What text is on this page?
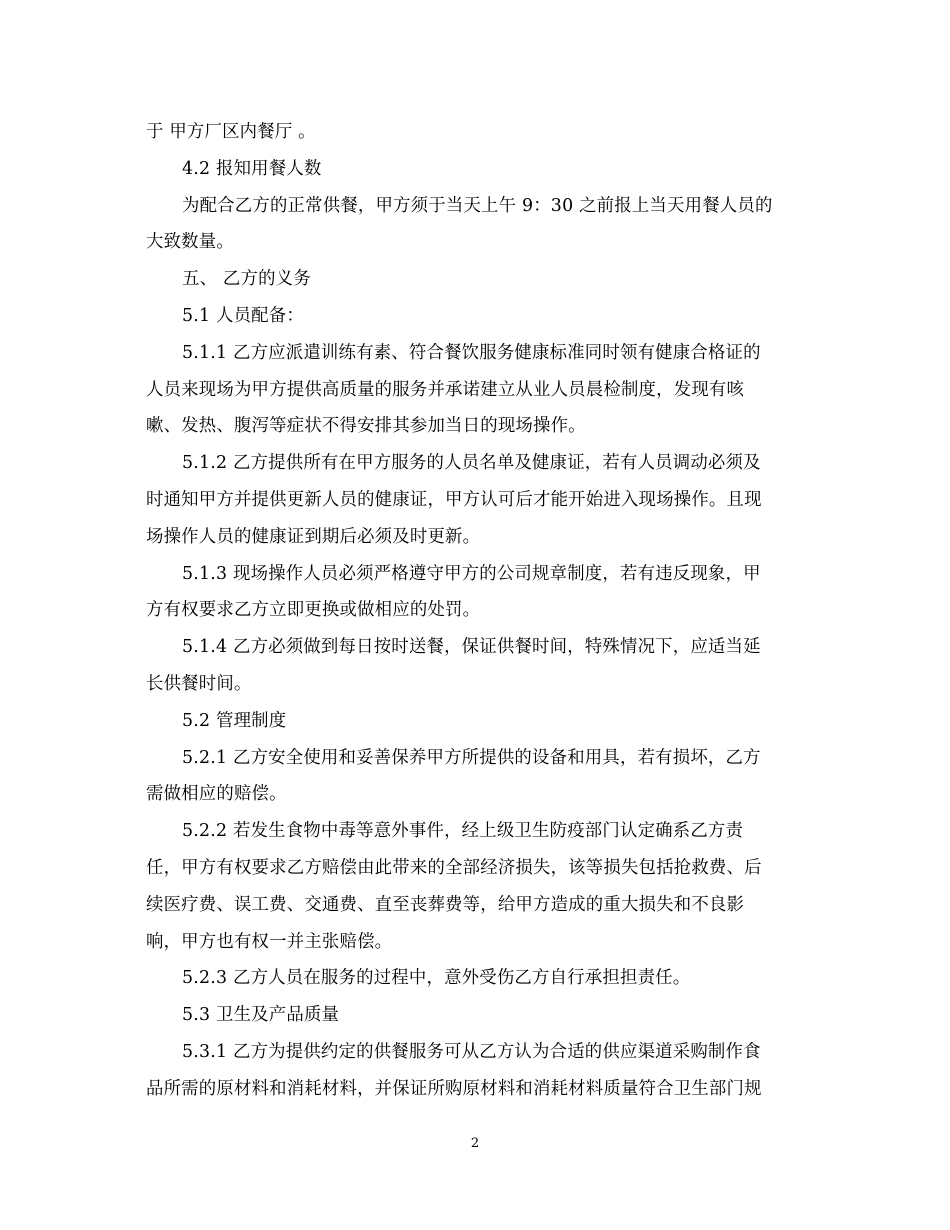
于 甲方厂区内餐厅 。
4.2 报知用餐人数
为配合乙方的正常供餐，甲方须于当天上午 9：30 之前报上当天用餐人员的
大致数量。
五、 乙方的义务
5.1 人员配备：
5.1.1 乙方应派遣训练有素、符合餐饮服务健康标准同时领有健康合格证的
人员来现场为甲方提供高质量的服务并承诺建立从业人员晨检制度，发现有咳
嗽、发热、腹泻等症状不得安排其参加当日的现场操作。
5.1.2 乙方提供所有在甲方服务的人员名单及健康证，若有人员调动必须及
时通知甲方并提供更新人员的健康证，甲方认可后才能开始进入现场操作。且现
场操作人员的健康证到期后必须及时更新。
5.1.3 现场操作人员必须严格遵守甲方的公司规章制度，若有违反现象，甲
方有权要求乙方立即更换或做相应的处罚。
5.1.4 乙方必须做到每日按时送餐，保证供餐时间，特殊情况下，应适当延
长供餐时间。
5.2 管理制度
5.2.1 乙方安全使用和妥善保养甲方所提供的设备和用具，若有损坏，乙方
需做相应的赔偿。
5.2.2 若发生食物中毒等意外事件，经上级卫生防疫部门认定确系乙方责
任，甲方有权要求乙方赔偿由此带来的全部经济损失，该等损失包括抢救费、后
续医疗费、误工费、交通费、直至丧葬费等，给甲方造成的重大损失和不良影
响，甲方也有权一并主张赔偿。
5.2.3 乙方人员在服务的过程中，意外受伤乙方自行承担担责任。
5.3 卫生及产品质量
5.3.1 乙方为提供约定的供餐服务可从乙方认为合适的供应渠道采购制作食
品所需的原材料和消耗材料，并保证所购原材料和消耗材料质量符合卫生部门规
2
